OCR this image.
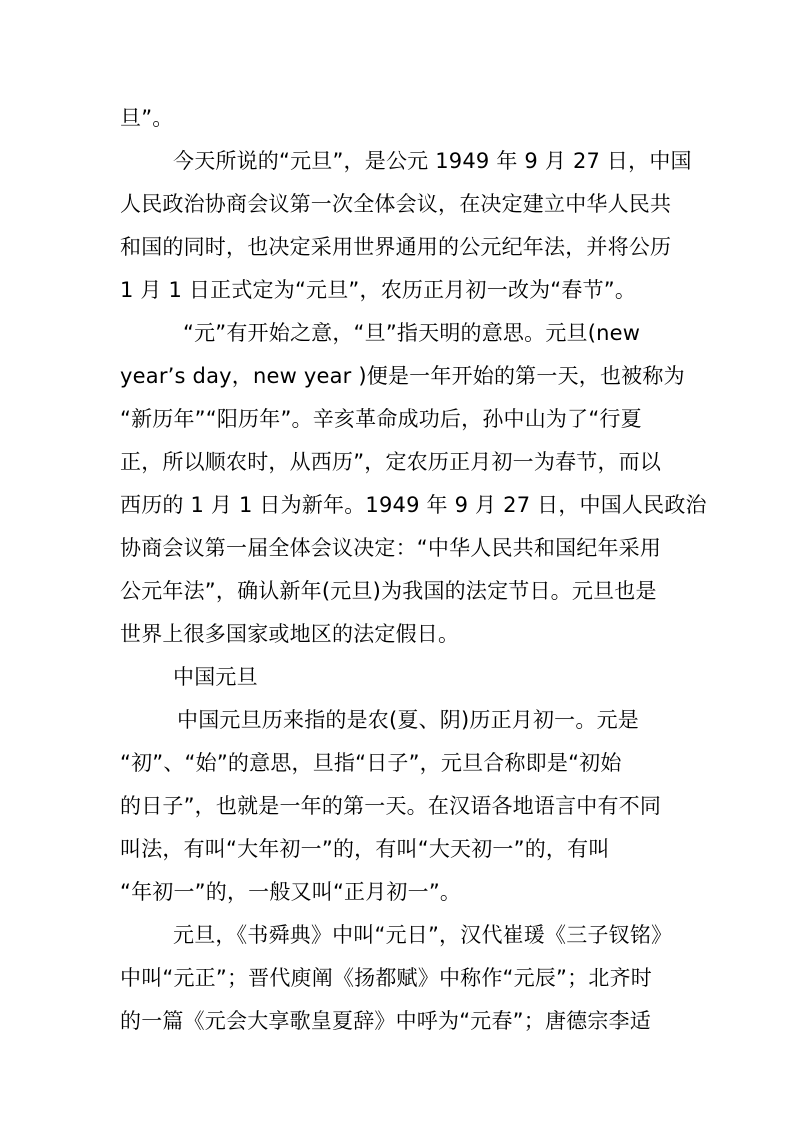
旦”。

今天所说的“元旦”，是公元 1949 年 9 月 27 日，中国

人民政治协商会议第一次全体会议，在决定建立中华人民共

和国的同时，也决定采用世界通用的公元纪年法，并将公历

1 月 1 日正式定为“元旦”，农历正月初一改为“春节”。

“元”有开始之意，“旦”指天明的意思。元旦(new

year’s day，new year )便是一年开始的第一天，也被称为

“新历年”“阳历年”。辛亥革命成功后，孙中山为了“行夏

正，所以顺农时，从西历”，定农历正月初一为春节，而以

西历的 1 月 1 日为新年。1949 年 9 月 27 日，中国人民政治

协商会议第一届全体会议决定：“中华人民共和国纪年采用

公元年法”，确认新年(元旦)为我国的法定节日。元旦也是

世界上很多国家或地区的法定假日。

中国元旦

中国元旦历来指的是农(夏、阴)历正月初一。元是

“初”、“始”的意思，旦指“日子”，元旦合称即是“初始

的日子”，也就是一年的第一天。在汉语各地语言中有不同

叫法，有叫“大年初一”的，有叫“大天初一”的，有叫

“年初一”的，一般又叫“正月初一”。

元旦，《书舜典》中叫“元日”，汉代崔瑗《三子钗铭》

中叫“元正”；晋代庾阐《扬都赋》中称作“元辰”；北齐时

的一篇《元会大享歌皇夏辞》中呼为“元春”；唐德宗李适
